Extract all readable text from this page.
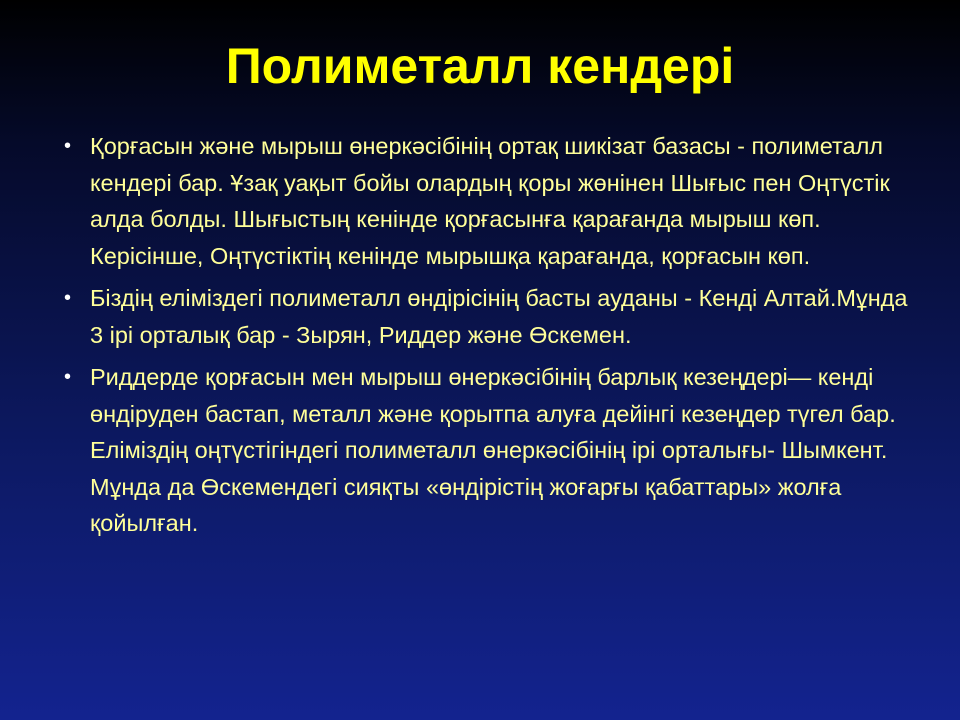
Полиметалл кендері
• Қорғасын және мырыш өнеркәсібінің ортақ шикізат базасы - полиметалл кендері бар. Ұзақ уақыт бойы олардың қоры жөнінен Шығыс пен Оңтүстік алда болды. Шығыстың кенінде қорғасынға қарағанда мырыш көп. Керісінше, Оңтүстіктің кенінде мырышқа қарағанда, қорғасын көп.
• Біздің еліміздегі полиметалл өндірісінің басты ауданы - Кенді Алтай.Мұнда 3 ірі орталық бар - Зырян, Риддер және Өскемен.
• Риддерде қорғасын мен мырыш өнеркәсібінің барлық кезеңдері— кенді өндіруден бастап, металл және қорытпа алуға дейінгі кезеңдер түгел бар. Еліміздің оңтүстігіндегі полиметалл өнеркәсібінің ірі орталығы- Шымкент. Мұнда да Өскемендегі сияқты «өндірістің жоғарғы қабаттары» жолға қойылған.
